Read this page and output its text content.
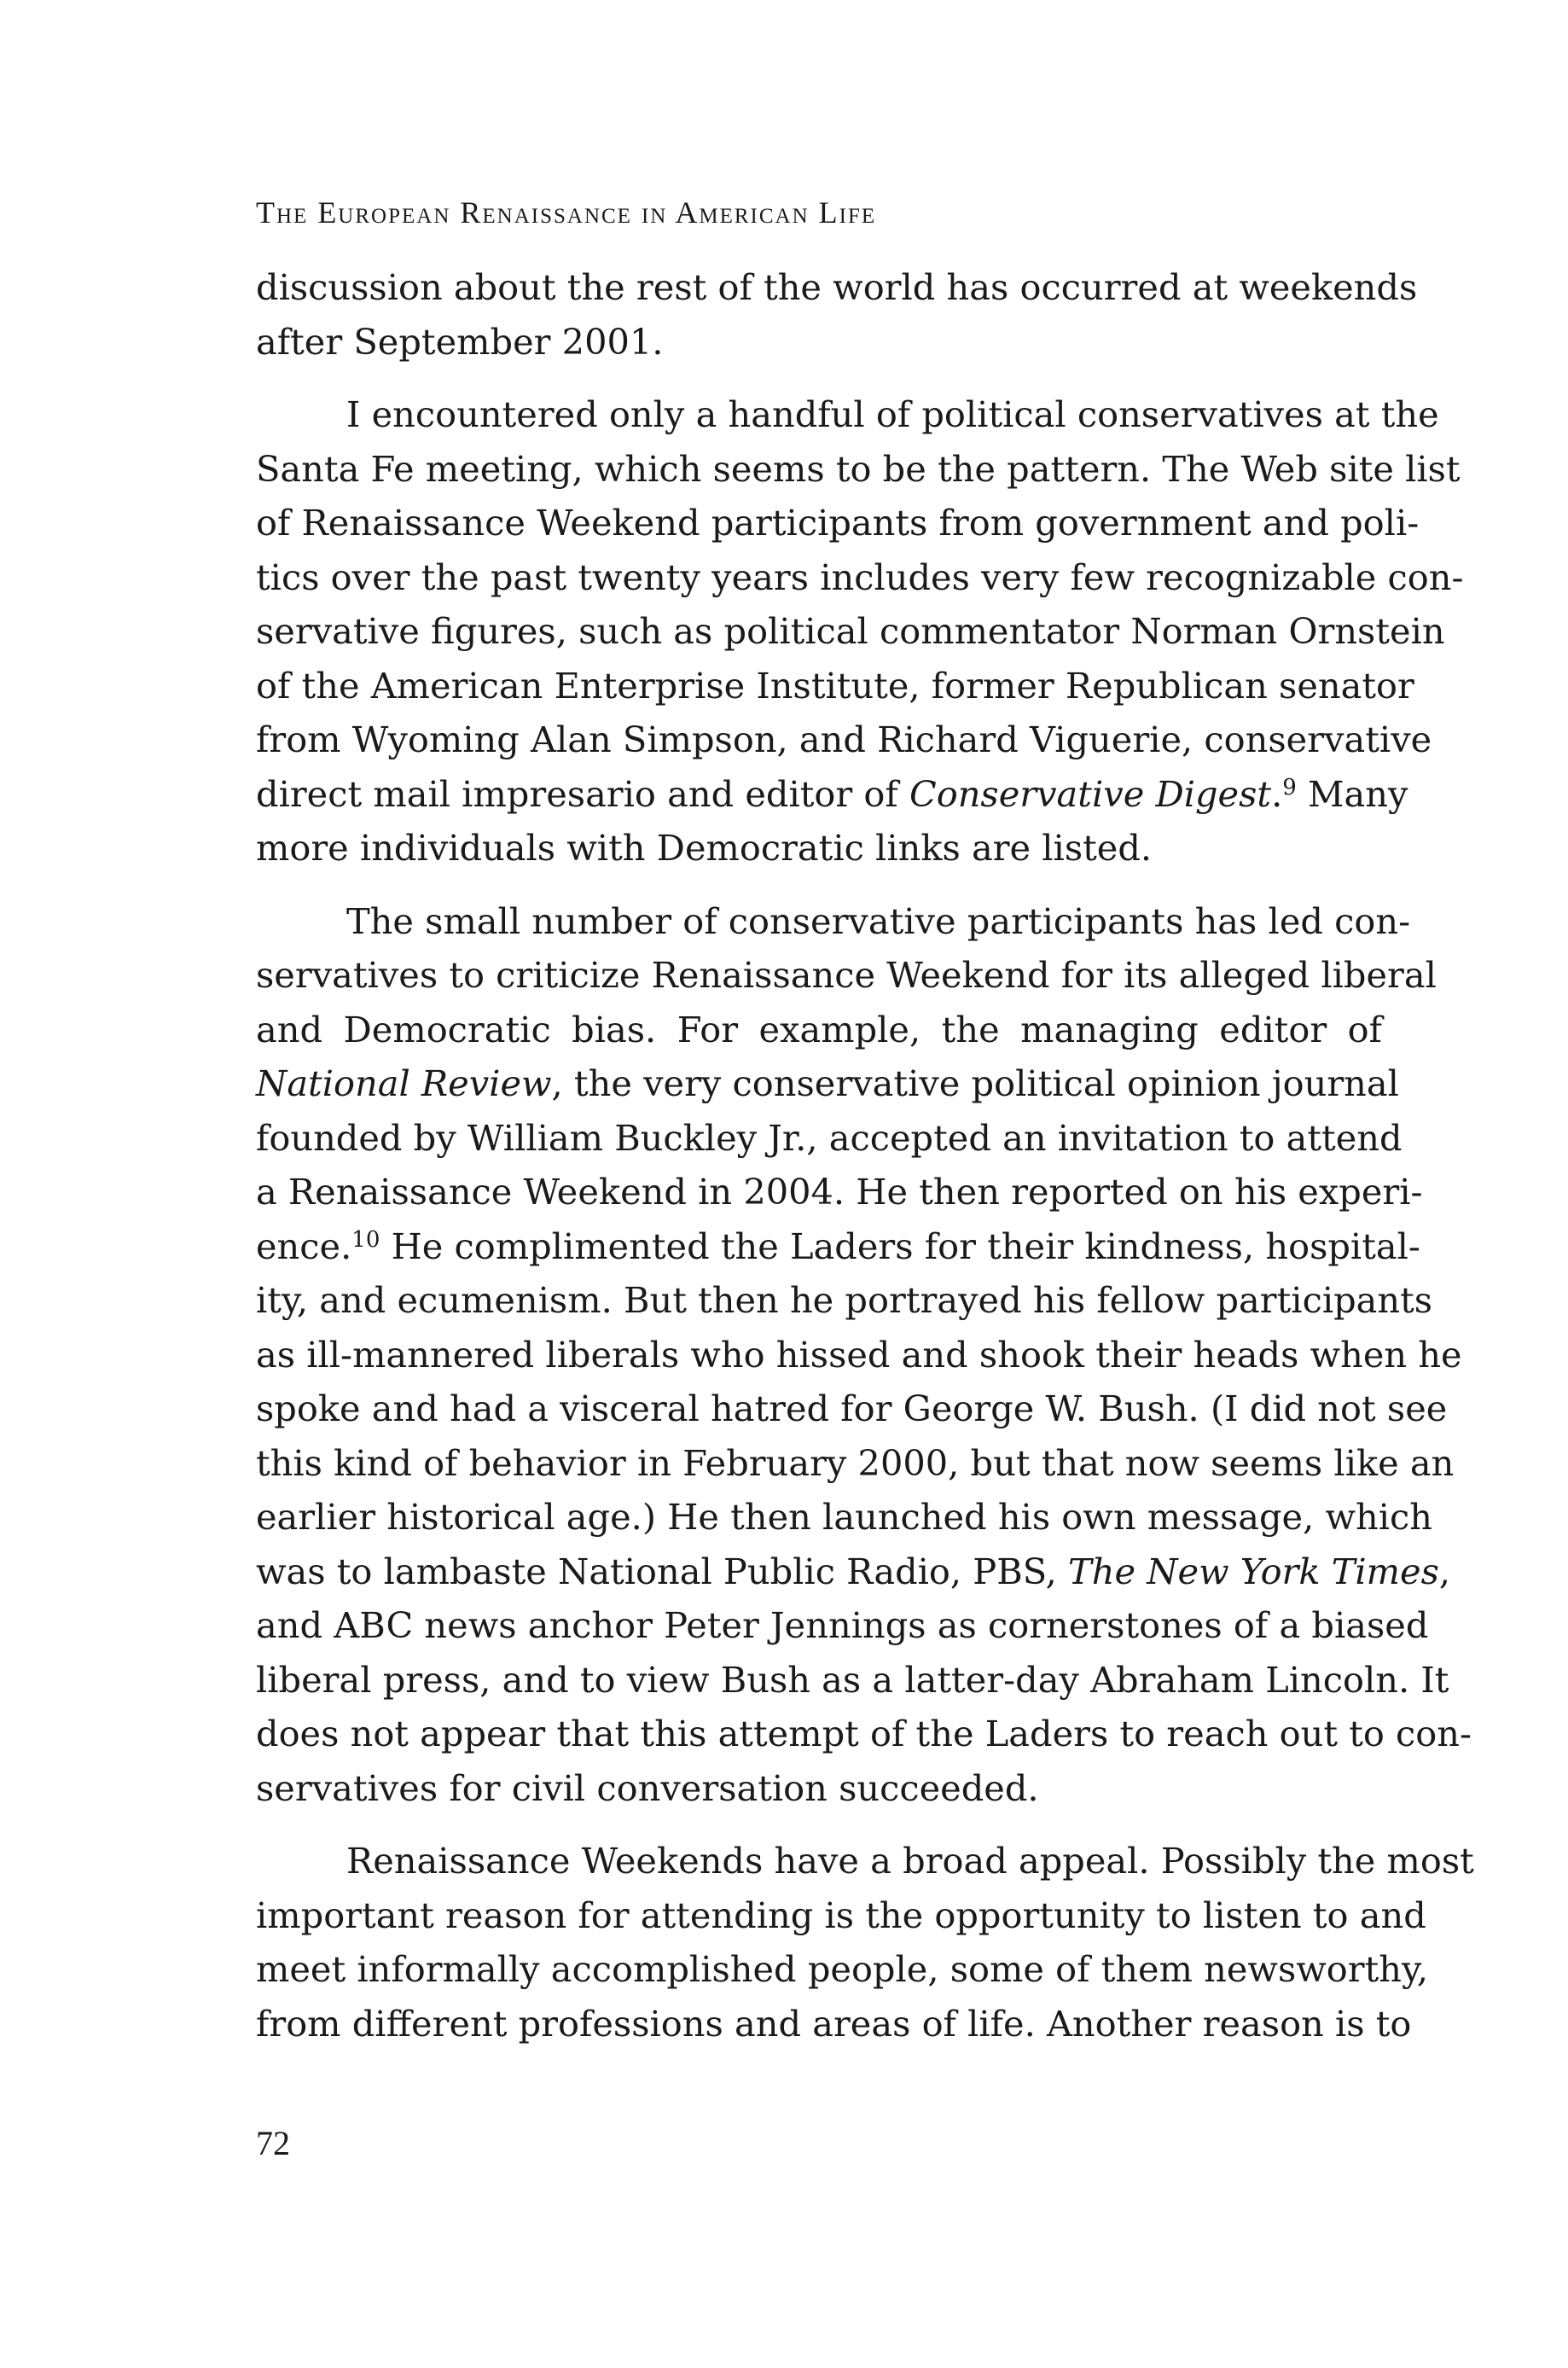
The European Renaissance in American Life

discussion about the rest of the world has occurred at weekends
after September 2001.

I encountered only a handful of political conservatives at the
Santa Fe meeting, which seems to be the pattern. The Web site list
of Renaissance Weekend participants from government and poli-
tics over the past twenty years includes very few recognizable con-
servative figures, such as political commentator Norman Ornstein
of the American Enterprise Institute, former Republican senator
from Wyoming Alan Simpson, and Richard Viguerie, conservative
direct mail impresario and editor of Conservative Digest.$^9$ Many
more individuals with Democratic links are listed.

The small number of conservative participants has led con-
servatives to criticize Renaissance Weekend for its alleged liberal
and Democratic bias. For example, the managing editor of
National Review, the very conservative political opinion journal
founded by William Buckley Jr., accepted an invitation to attend
a Renaissance Weekend in 2004. He then reported on his experi-
ence.$^{10}$ He complimented the Laders for their kindness, hospital-
ity, and ecumenism. But then he portrayed his fellow participants
as ill-mannered liberals who hissed and shook their heads when he
spoke and had a visceral hatred for George W. Bush. (I did not see
this kind of behavior in February 2000, but that now seems like an
earlier historical age.) He then launched his own message, which
was to lambaste National Public Radio, PBS, The New York Times,
and ABC news anchor Peter Jennings as cornerstones of a biased
liberal press, and to view Bush as a latter-day Abraham Lincoln. It
does not appear that this attempt of the Laders to reach out to con-
servatives for civil conversation succeeded.

Renaissance Weekends have a broad appeal. Possibly the most
important reason for attending is the opportunity to listen to and
meet informally accomplished people, some of them newsworthy,
from different professions and areas of life. Another reason is to

72
